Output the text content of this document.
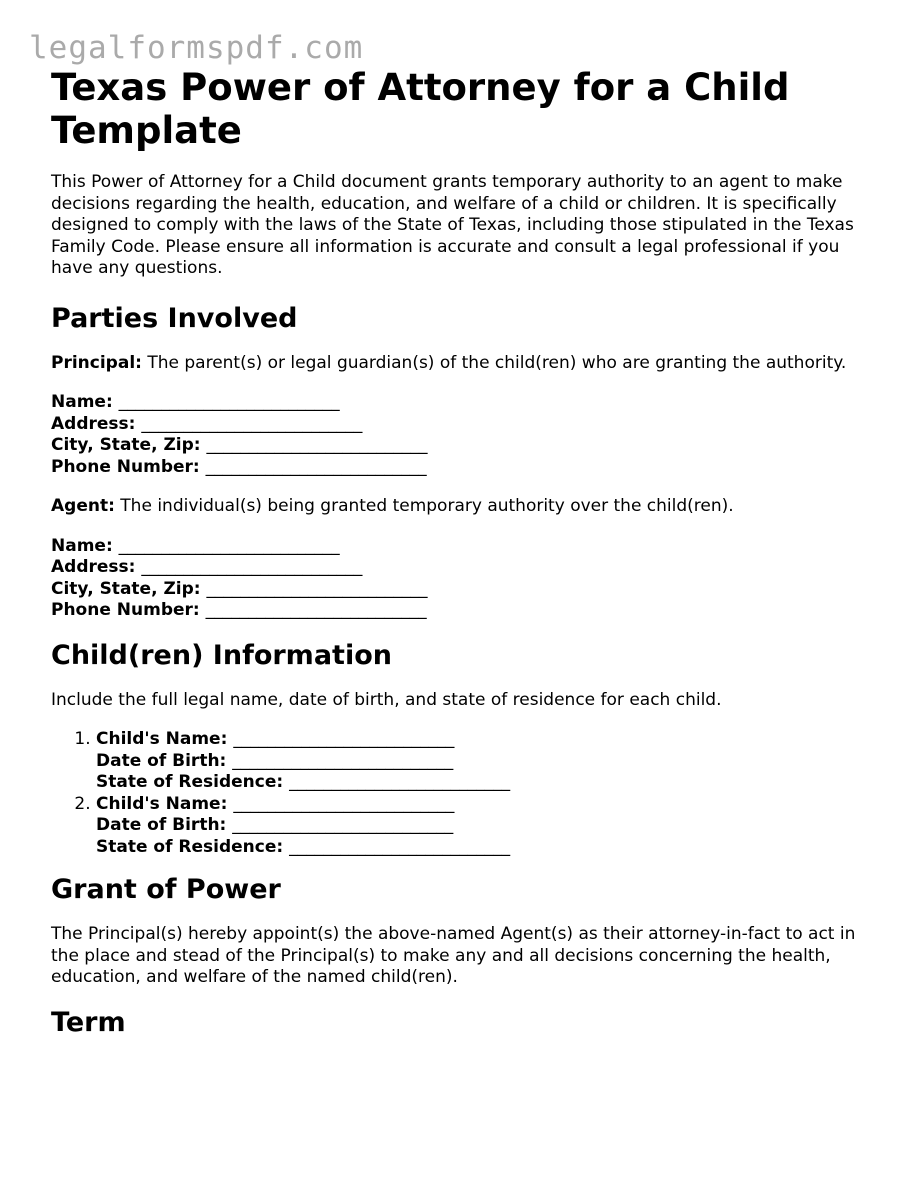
legalformspdf.com
Texas Power of Attorney for a Child Template

This Power of Attorney for a Child document grants temporary authority to an agent to make decisions regarding the health, education, and welfare of a child or children. It is specifically designed to comply with the laws of the State of Texas, including those stipulated in the Texas Family Code. Please ensure all information is accurate and consult a legal professional if you have any questions.

Parties Involved

Principal: The parent(s) or legal guardian(s) of the child(ren) who are granting the authority.

Name: __________________________
Address: __________________________
City, State, Zip: __________________________
Phone Number: __________________________

Agent: The individual(s) being granted temporary authority over the child(ren).

Name: __________________________
Address: __________________________
City, State, Zip: __________________________
Phone Number: __________________________
Child(ren) Information

Include the full legal name, date of birth, and state of residence for each child.

1. Child's Name: __________________________
Date of Birth: __________________________
State of Residence: __________________________
2. Child's Name: __________________________
Date of Birth: __________________________
State of Residence: __________________________
Grant of Power

The Principal(s) hereby appoint(s) the above-named Agent(s) as their attorney-in-fact to act in the place and stead of the Principal(s) to make any and all decisions concerning the health, education, and welfare of the named child(ren).

Term
